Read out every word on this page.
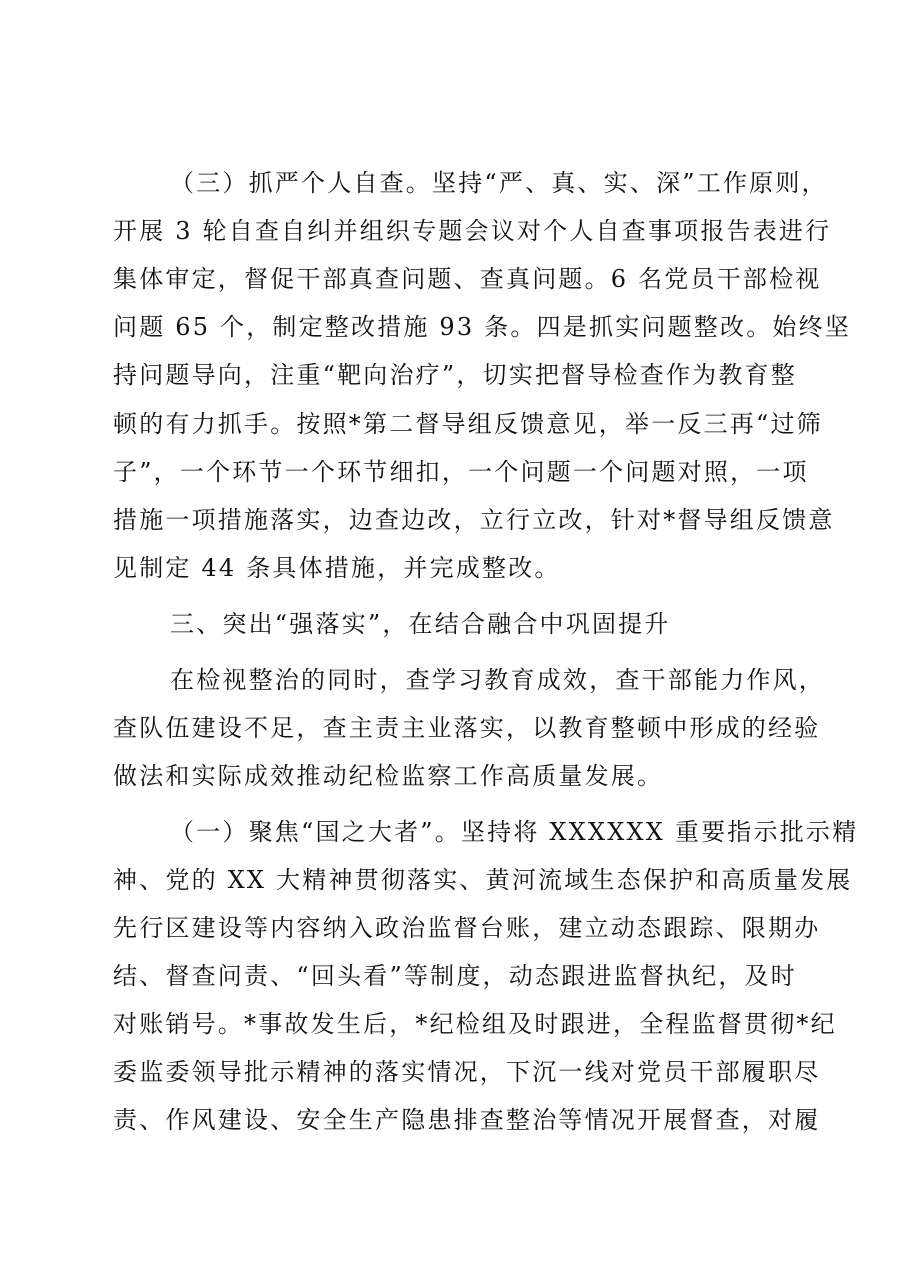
（三）抓严个人自查。坚持“严、真、实、深”工作原则，
开展 3 轮自查自纠并组织专题会议对个人自查事项报告表进行
集体审定，督促干部真查问题、查真问题。6 名党员干部检视
问题 65 个，制定整改措施 93 条。四是抓实问题整改。始终坚
持问题导向，注重“靶向治疗”，切实把督导检查作为教育整
顿的有力抓手。按照*第二督导组反馈意见，举一反三再“过筛
子”，一个环节一个环节细扣，一个问题一个问题对照，一项
措施一项措施落实，边查边改，立行立改，针对*督导组反馈意
见制定 44 条具体措施，并完成整改。
三、突出“强落实”，在结合融合中巩固提升
在检视整治的同时，查学习教育成效，查干部能力作风，
查队伍建设不足，查主责主业落实，以教育整顿中形成的经验
做法和实际成效推动纪检监察工作高质量发展。
（一）聚焦“国之大者”。坚持将 XXXXXX 重要指示批示精
神、党的 XX 大精神贯彻落实、黄河流域生态保护和高质量发展
先行区建设等内容纳入政治监督台账，建立动态跟踪、限期办
结、督查问责、“回头看”等制度，动态跟进监督执纪，及时
对账销号。*事故发生后，*纪检组及时跟进，全程监督贯彻*纪
委监委领导批示精神的落实情况，下沉一线对党员干部履职尽
责、作风建设、安全生产隐患排查整治等情况开展督查，对履
